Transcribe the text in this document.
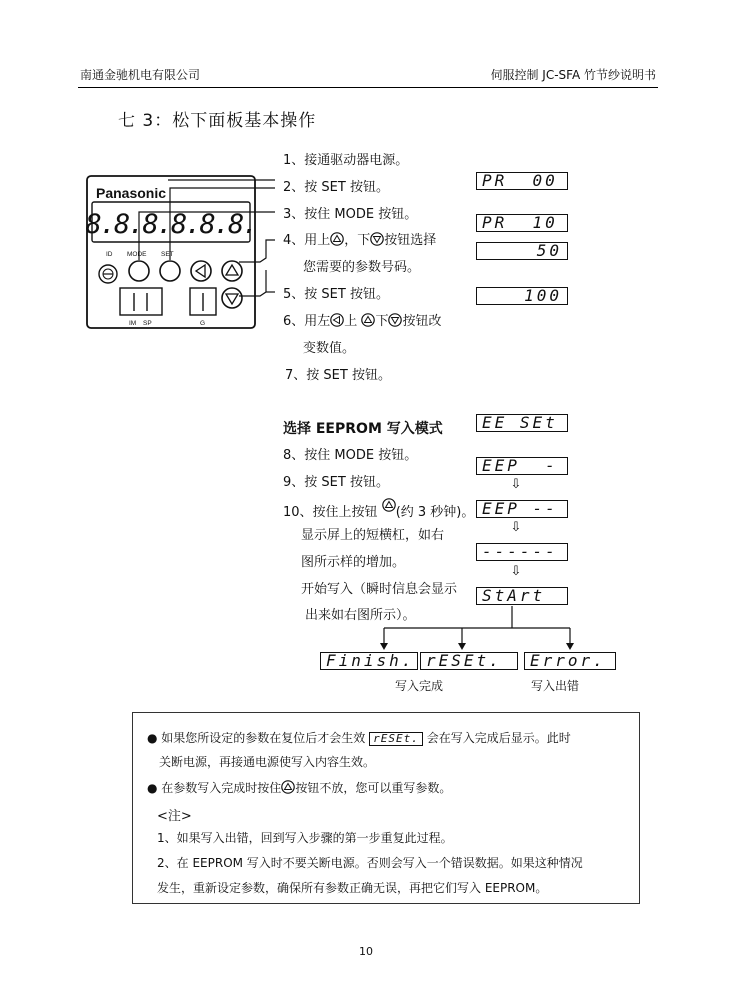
南通金驰机电有限公司	伺服控制 JC-SFA 竹节纱说明书
七 3：松下面板基本操作
Panasonic
8.8.8.8.8.8.
ID MODE SET
IM SP	G
1、接通驱动器电源。
2、按 SET 按钮。
3、按住 MODE 按钮。
4、用上 ，下 按钮选择
您需要的参数号码。
5、按 SET 按钮。
6、用左 上 下 按钮改
变数值。
7、按 SET 按钮。
PR_ 00
PR_ 10
50
100
选择 EEPROM 写入模式
8、按住 MODE 按钮。
9、按 SET 按钮。
10、按住上按钮 (约 3 秒钟)。
显示屏上的短横杠，如右
图所示样的增加。
开始写入（瞬时信息会显示
出来如右图所示）。
EE_SEt
EEP  -
⇩
EEP --
⇩
------
⇩
StArt
Finish. rESEt.	Error.
写入完成	写入出错
● 如果您所设定的参数在复位后才会生效 rESEt. 会在写入完成后显示。此时
关断电源，再接通电源使写入内容生效。
● 在参数写入完成时按住 按钮不放，您可以重写参数。
<注>
1、如果写入出错，回到写入步骤的第一步重复此过程。
2、在 EEPROM 写入时不要关断电源。否则会写入一个错误数据。如果这种情况
发生，重新设定参数，确保所有参数正确无误，再把它们写入 EEPROM。
10
